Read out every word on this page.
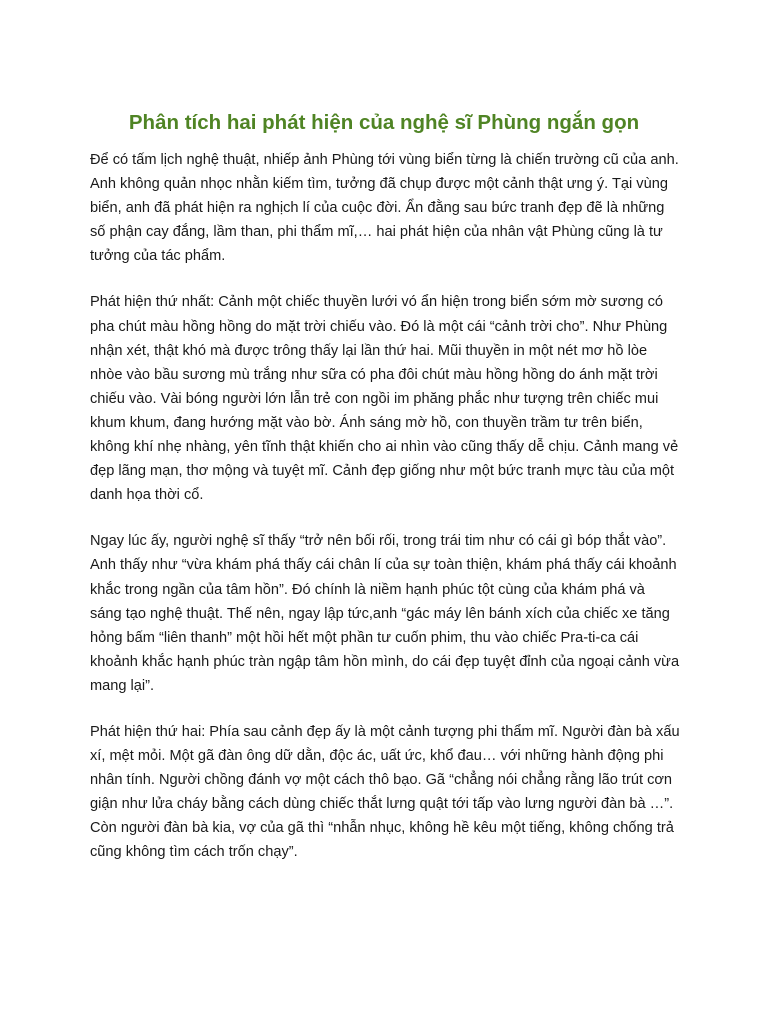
Phân tích hai phát hiện của nghệ sĩ Phùng ngắn gọn

Để có tấm lịch nghệ thuật, nhiếp ảnh Phùng tới vùng biển từng là chiến trường cũ của anh. Anh không quản nhọc nhằn kiếm tìm, tưởng đã chụp được một cảnh thật ưng ý. Tại vùng biển, anh đã phát hiện ra nghịch lí của cuộc đời. Ẩn đằng sau bức tranh đẹp đẽ là những số phận cay đắng, lầm than, phi thẩm mĩ,… hai phát hiện của nhân vật Phùng cũng là tư tưởng của tác phẩm.

Phát hiện thứ nhất: Cảnh một chiếc thuyền lưới vó ẩn hiện trong biển sớm mờ sương có pha chút màu hồng hồng do mặt trời chiếu vào. Đó là một cái “cảnh trời cho”. Như Phùng nhận xét, thật khó mà được trông thấy lại lần thứ hai. Mũi thuyền in một nét mơ hồ lòe nhòe vào bầu sương mù trắng như sữa có pha đôi chút màu hồng hồng do ánh mặt trời chiếu vào. Vài bóng người lớn lẫn trẻ con ngồi im phăng phắc như tượng trên chiếc mui khum khum, đang hướng mặt vào bờ. Ánh sáng mờ hồ, con thuyền trầm tư trên biển, không khí nhẹ nhàng, yên tĩnh thật khiến cho ai nhìn vào cũng thấy dễ chịu. Cảnh mang vẻ đẹp lãng mạn, thơ mộng và tuyệt mĩ. Cảnh đẹp giống như một bức tranh mực tàu của một danh họa thời cổ.

Ngay lúc ấy, người nghệ sĩ thấy “trở nên bối rối, trong trái tim như có cái gì bóp thắt vào”. Anh thấy như “vừa khám phá thấy cái chân lí của sự toàn thiện, khám phá thấy cái khoảnh khắc trong ngần của tâm hồn”. Đó chính là niềm hạnh phúc tột cùng của khám phá và sáng tạo nghệ thuật. Thế nên, ngay lập tức,anh “gác máy lên bánh xích của chiếc xe tăng hỏng bấm “liên thanh” một hồi hết một phần tư cuốn phim, thu vào chiếc Pra-ti-ca cái khoảnh khắc hạnh phúc tràn ngập tâm hồn mình, do cái đẹp tuyệt đỉnh của ngoại cảnh vừa mang lại”.

Phát hiện thứ hai: Phía sau cảnh đẹp ấy là một cảnh tượng phi thẩm mĩ. Người đàn bà xấu xí, mệt mỏi. Một gã đàn ông dữ dằn, độc ác, uất ức, khổ đau… với những hành động phi nhân tính. Người chồng đánh vợ một cách thô bạo. Gã “chẳng nói chẳng rằng lão trút cơn giận như lửa cháy bằng cách dùng chiếc thắt lưng quật tới tấp vào lưng người đàn bà …”. Còn người đàn bà kia, vợ của gã thì “nhẫn nhục, không hề kêu một tiếng, không chống trả cũng không tìm cách trốn chạy”.
